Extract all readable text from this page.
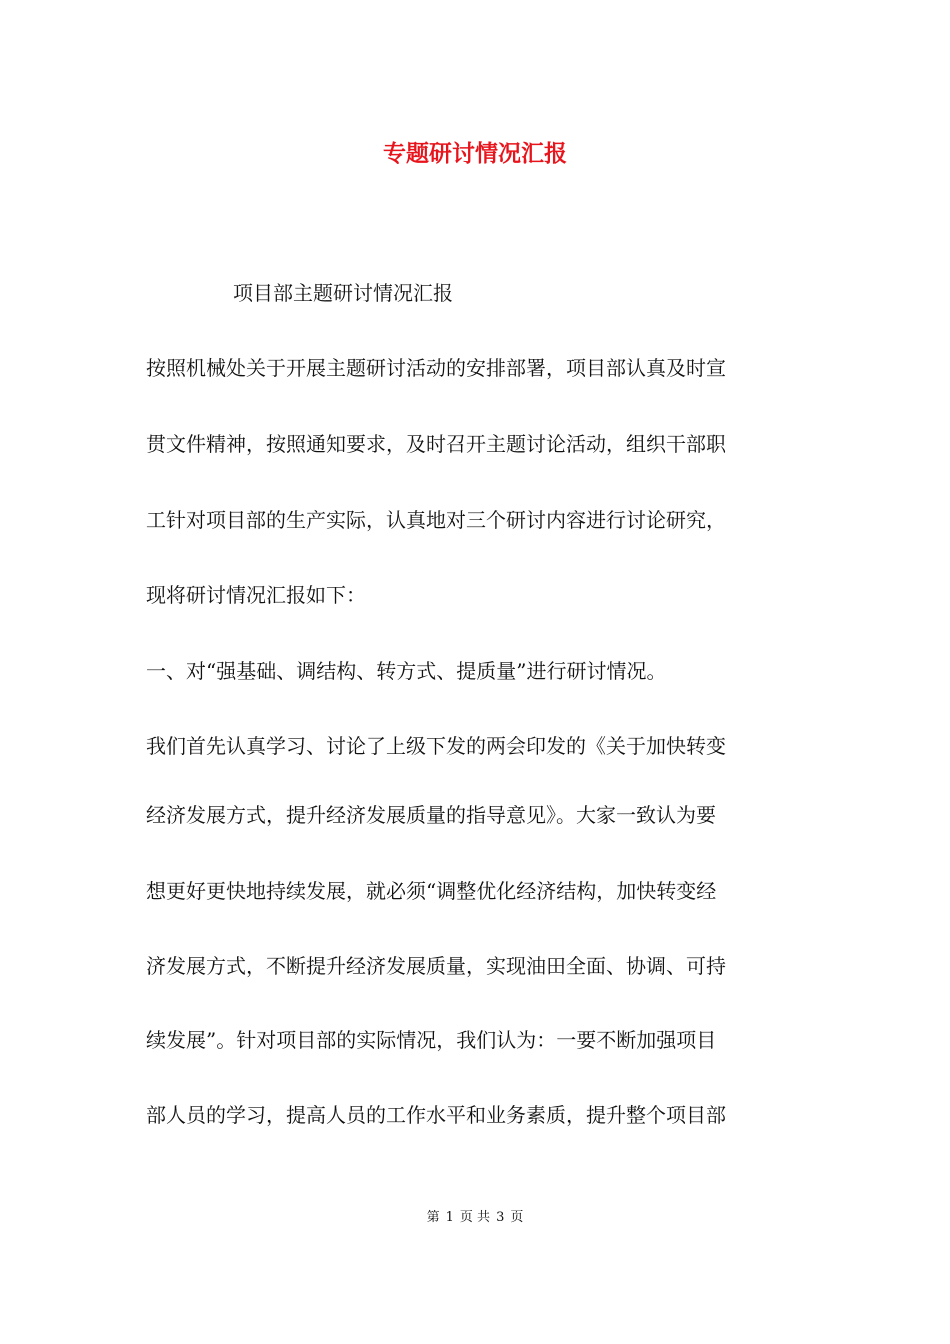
专题研讨情况汇报
项目部主题研讨情况汇报
按照机械处关于开展主题研讨活动的安排部署，项目部认真及时宣
贯文件精神，按照通知要求，及时召开主题讨论活动，组织干部职
工针对项目部的生产实际，认真地对三个研讨内容进行讨论研究，
现将研讨情况汇报如下：
一、对“强基础、调结构、转方式、提质量”进行研讨情况。
我们首先认真学习、讨论了上级下发的两会印发的《关于加快转变
经济发展方式，提升经济发展质量的指导意见》。大家一致认为要
想更好更快地持续发展，就必须“调整优化经济结构，加快转变经
济发展方式，不断提升经济发展质量，实现油田全面、协调、可持
续发展”。针对项目部的实际情况，我们认为：一要不断加强项目
部人员的学习，提高人员的工作水平和业务素质，提升整个项目部
第 1 页 共 3 页
